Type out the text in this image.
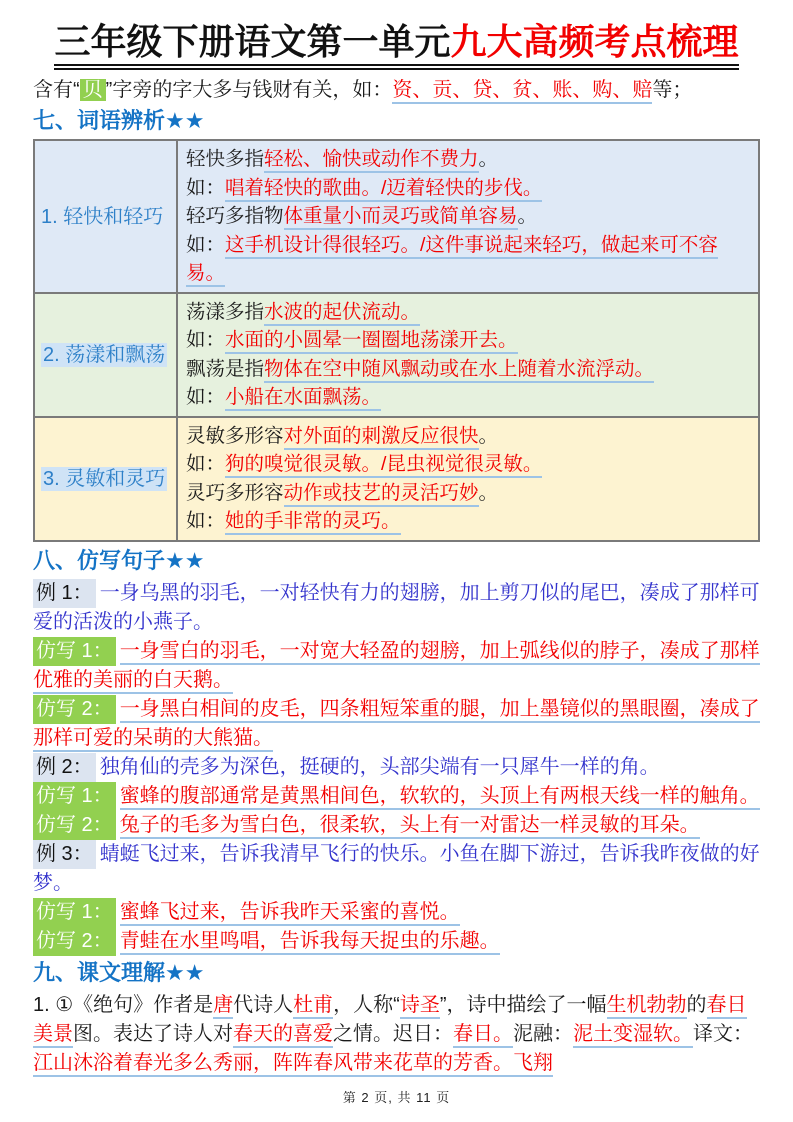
三年级下册语文第一单元九大高频考点梳理

含有“ 贝 ”字旁的字大多与钱财有关，如：资、贡、贷、贫、账、购、赔等；

七、词语辨析★★
1. 轻快和轻巧	轻快多指轻松、愉快或动作不费力。
如：唱着轻快的歌曲。/迈着轻快的步伐。
轻巧多指物体重量小而灵巧或简单容易。
如：这手机设计得很轻巧。/这件事说起来轻巧，做起来可不容易。

2. 荡漾和飘荡	荡漾多指水波的起伏流动。
如：水面的小圆晕一圈圈地荡漾开去。
飘荡是指物体在空中随风飘动或在水上随着水流浮动。
如：小船在水面飘荡。

3. 灵敏和灵巧	灵敏多形容对外面的刺激反应很快。
如：狗的嗅觉很灵敏。/昆虫视觉很灵敏。
灵巧多形容动作或技艺的灵活巧妙。
如：她的手非常的灵巧。
八、仿写句子★★

例 1： 一身乌黑的羽毛，一对轻快有力的翅膀，加上剪刀似的尾巴，凑成了那样可爱的活泼的小燕子。

仿写 1： 一身雪白的羽毛，一对宽大轻盈的翅膀，加上弧线似的脖子，凑成了那样优雅的美丽的白天鹅。

仿写 2： 一身黑白相间的皮毛，四条粗短笨重的腿，加上墨镜似的黑眼圈，凑成了那样可爱的呆萌的大熊猫。

例 2： 独角仙的壳多为深色，挺硬的，头部尖端有一只犀牛一样的角。

仿写 1： 蜜蜂的腹部通常是黄黑相间色，软软的，头顶上有两根天线一样的触角。

仿写 2： 兔子的毛多为雪白色，很柔软，头上有一对雷达一样灵敏的耳朵。

例 3： 蜻蜓飞过来，告诉我清早飞行的快乐。小鱼在脚下游过，告诉我昨夜做的好梦。

仿写 1： 蜜蜂飞过来，告诉我昨天采蜜的喜悦。

仿写 2： 青蛙在水里鸣唱，告诉我每天捉虫的乐趣。

九、课文理解★★

1. ①《绝句》作者是唐代诗人杜甫，人称“诗圣”，诗中描绘了一幅生机勃勃的春日美景图。表达了诗人对春天的喜爱之情。迟日：春日。泥融：泥土变湿软。译文：江山沐浴着春光多么秀丽，阵阵春风带来花草的芳香。飞翔

第 2 页, 共 11 页
